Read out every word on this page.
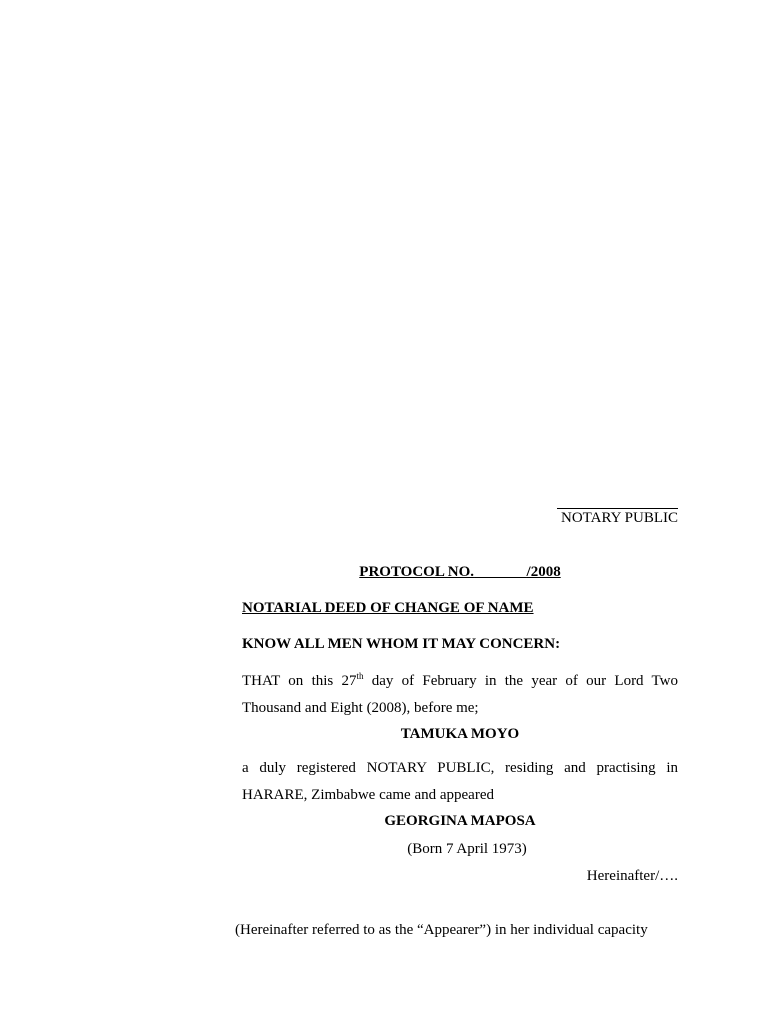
NOTARY PUBLIC
PROTOCOL NO.	/2008
NOTARIAL DEED OF CHANGE OF NAME
KNOW ALL MEN WHOM IT MAY CONCERN:
THAT on this 27th day of February in the year of our Lord Two Thousand and Eight (2008), before me;
TAMUKA MOYO
a duly registered NOTARY PUBLIC, residing and practising in HARARE, Zimbabwe came and appeared
GEORGINA MAPOSA
(Born 7 April 1973)
Hereinafter/….
(Hereinafter referred to as the “Appearer”) in her individual capacity
